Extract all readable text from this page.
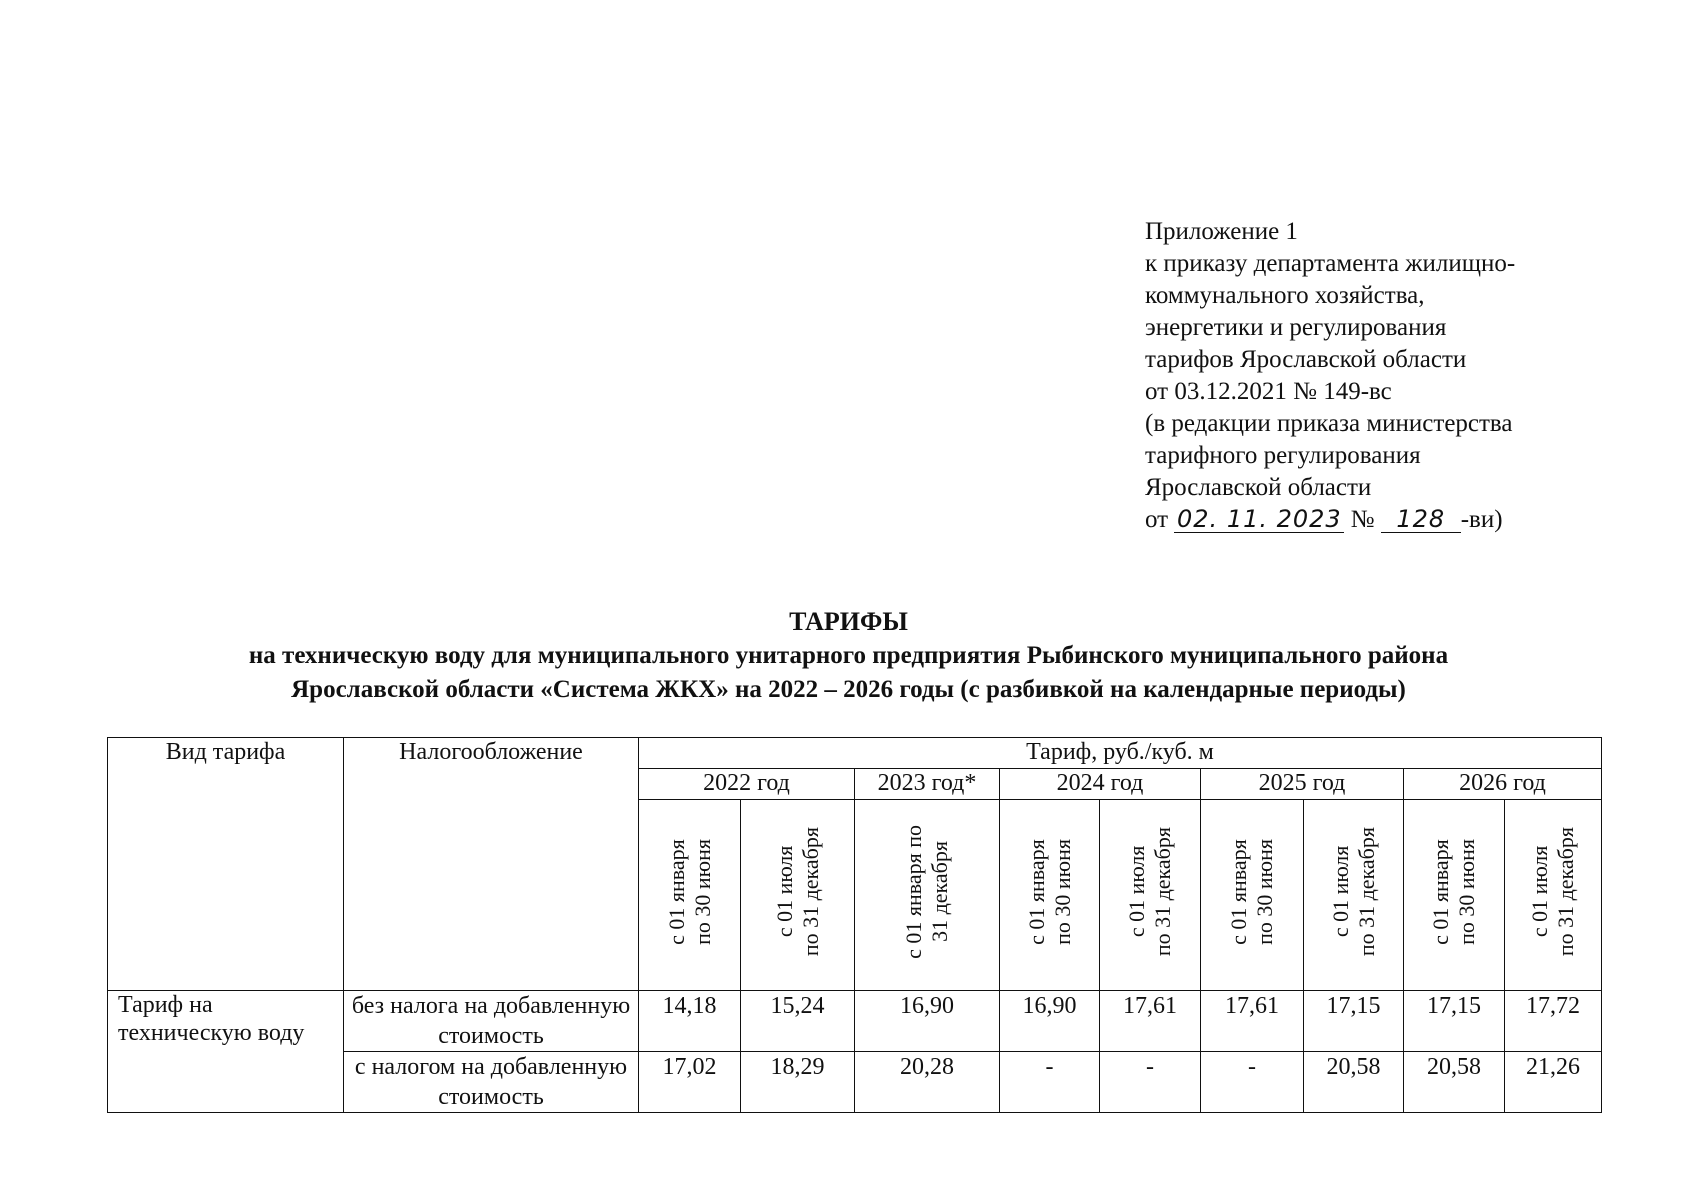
Приложение 1
к приказу департамента жилищно-
коммунального хозяйства,
энергетики и регулирования
тарифов Ярославской области
от 03.12.2021 № 149-вс
(в редакции приказа министерства
тарифного регулирования
Ярославской области
от 02. 11. 2023 № 128 -ви)
ТАРИФЫ
на техническую воду для муниципального унитарного предприятия Рыбинского муниципального района
Ярославской области «Система ЖКХ» на 2022 – 2026 годы (с разбивкой на календарные периоды)
Вид тарифа	Налогообложение	Тариф, руб./куб. м								
		2022 год		2023 год*	2024 год		2025 год		2026 год	

		с 01 января по 30 июня	с 01 июля по 31 декабря	с 01 января по 31 декабря	с 01 января по 30 июня	с 01 июля по 31 декабря	с 01 января по 30 июня	с 01 июля по 31 декабря	с 01 января по 30 июня	с 01 июля по 31 декабря

Тариф на техническую воду	без налога на добавленную стоимость	14,18	15,24	16,90	16,90	17,61	17,61	17,15	17,15	17,72
	с налогом на добавленную стоимость	17,02	18,29	20,28	-	-	-	20,58	20,58	21,26
